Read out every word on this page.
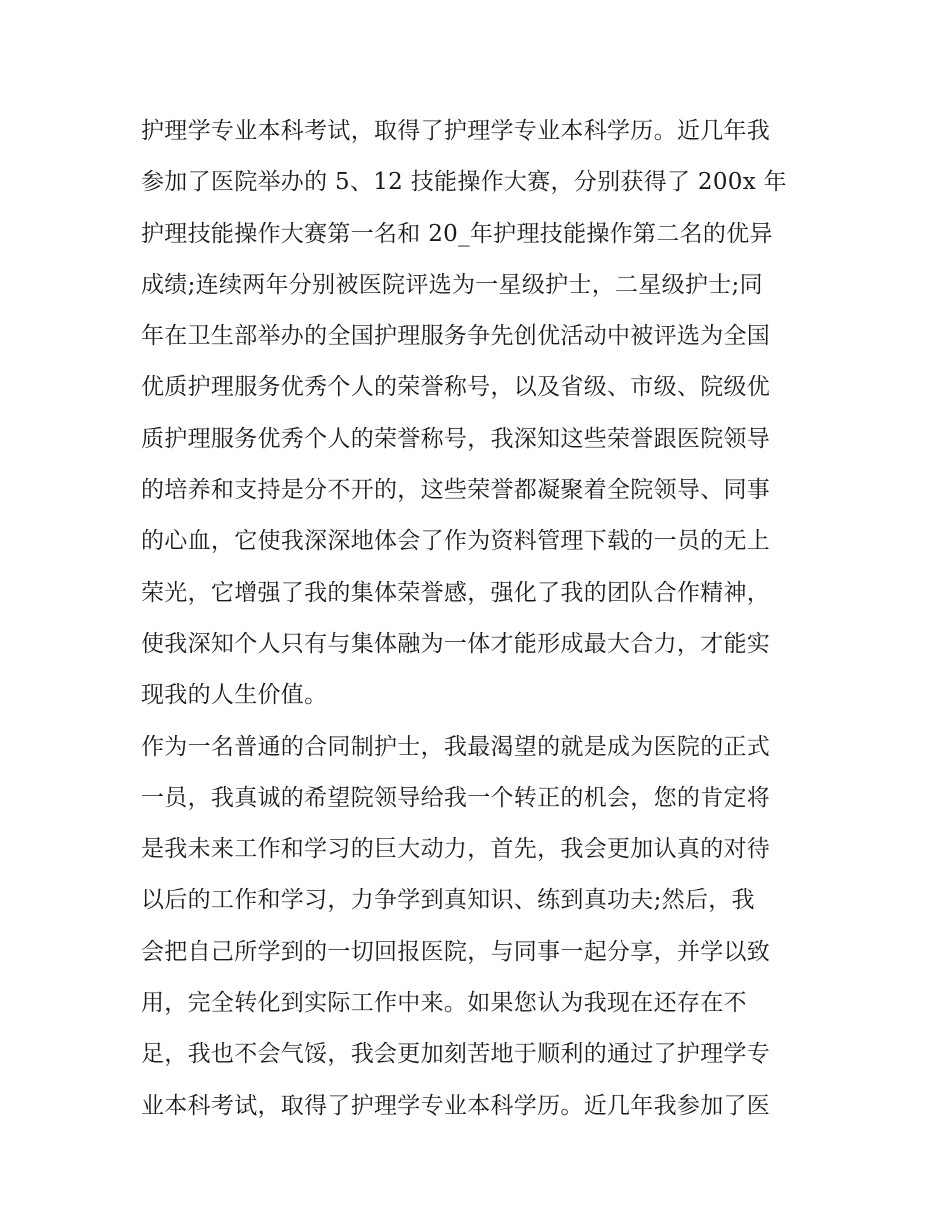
护理学专业本科考试，取得了护理学专业本科学历。近几年我
参加了医院举办的 5、12 技能操作大赛，分别获得了 200x 年
护理技能操作大赛第一名和 20_年护理技能操作第二名的优异
成绩;连续两年分别被医院评选为一星级护士，二星级护士;同
年在卫生部举办的全国护理服务争先创优活动中被评选为全国
优质护理服务优秀个人的荣誉称号，以及省级、市级、院级优
质护理服务优秀个人的荣誉称号，我深知这些荣誉跟医院领导
的培养和支持是分不开的，这些荣誉都凝聚着全院领导、同事
的心血，它使我深深地体会了作为资料管理下载的一员的无上
荣光，它增强了我的集体荣誉感，强化了我的团队合作精神，
使我深知个人只有与集体融为一体才能形成最大合力，才能实
现我的人生价值。
作为一名普通的合同制护士，我最渴望的就是成为医院的正式
一员，我真诚的希望院领导给我一个转正的机会，您的肯定将
是我未来工作和学习的巨大动力，首先，我会更加认真的对待
以后的工作和学习，力争学到真知识、练到真功夫;然后，我
会把自己所学到的一切回报医院，与同事一起分享，并学以致
用，完全转化到实际工作中来。如果您认为我现在还存在不
足，我也不会气馁，我会更加刻苦地于顺利的通过了护理学专
业本科考试，取得了护理学专业本科学历。近几年我参加了医
